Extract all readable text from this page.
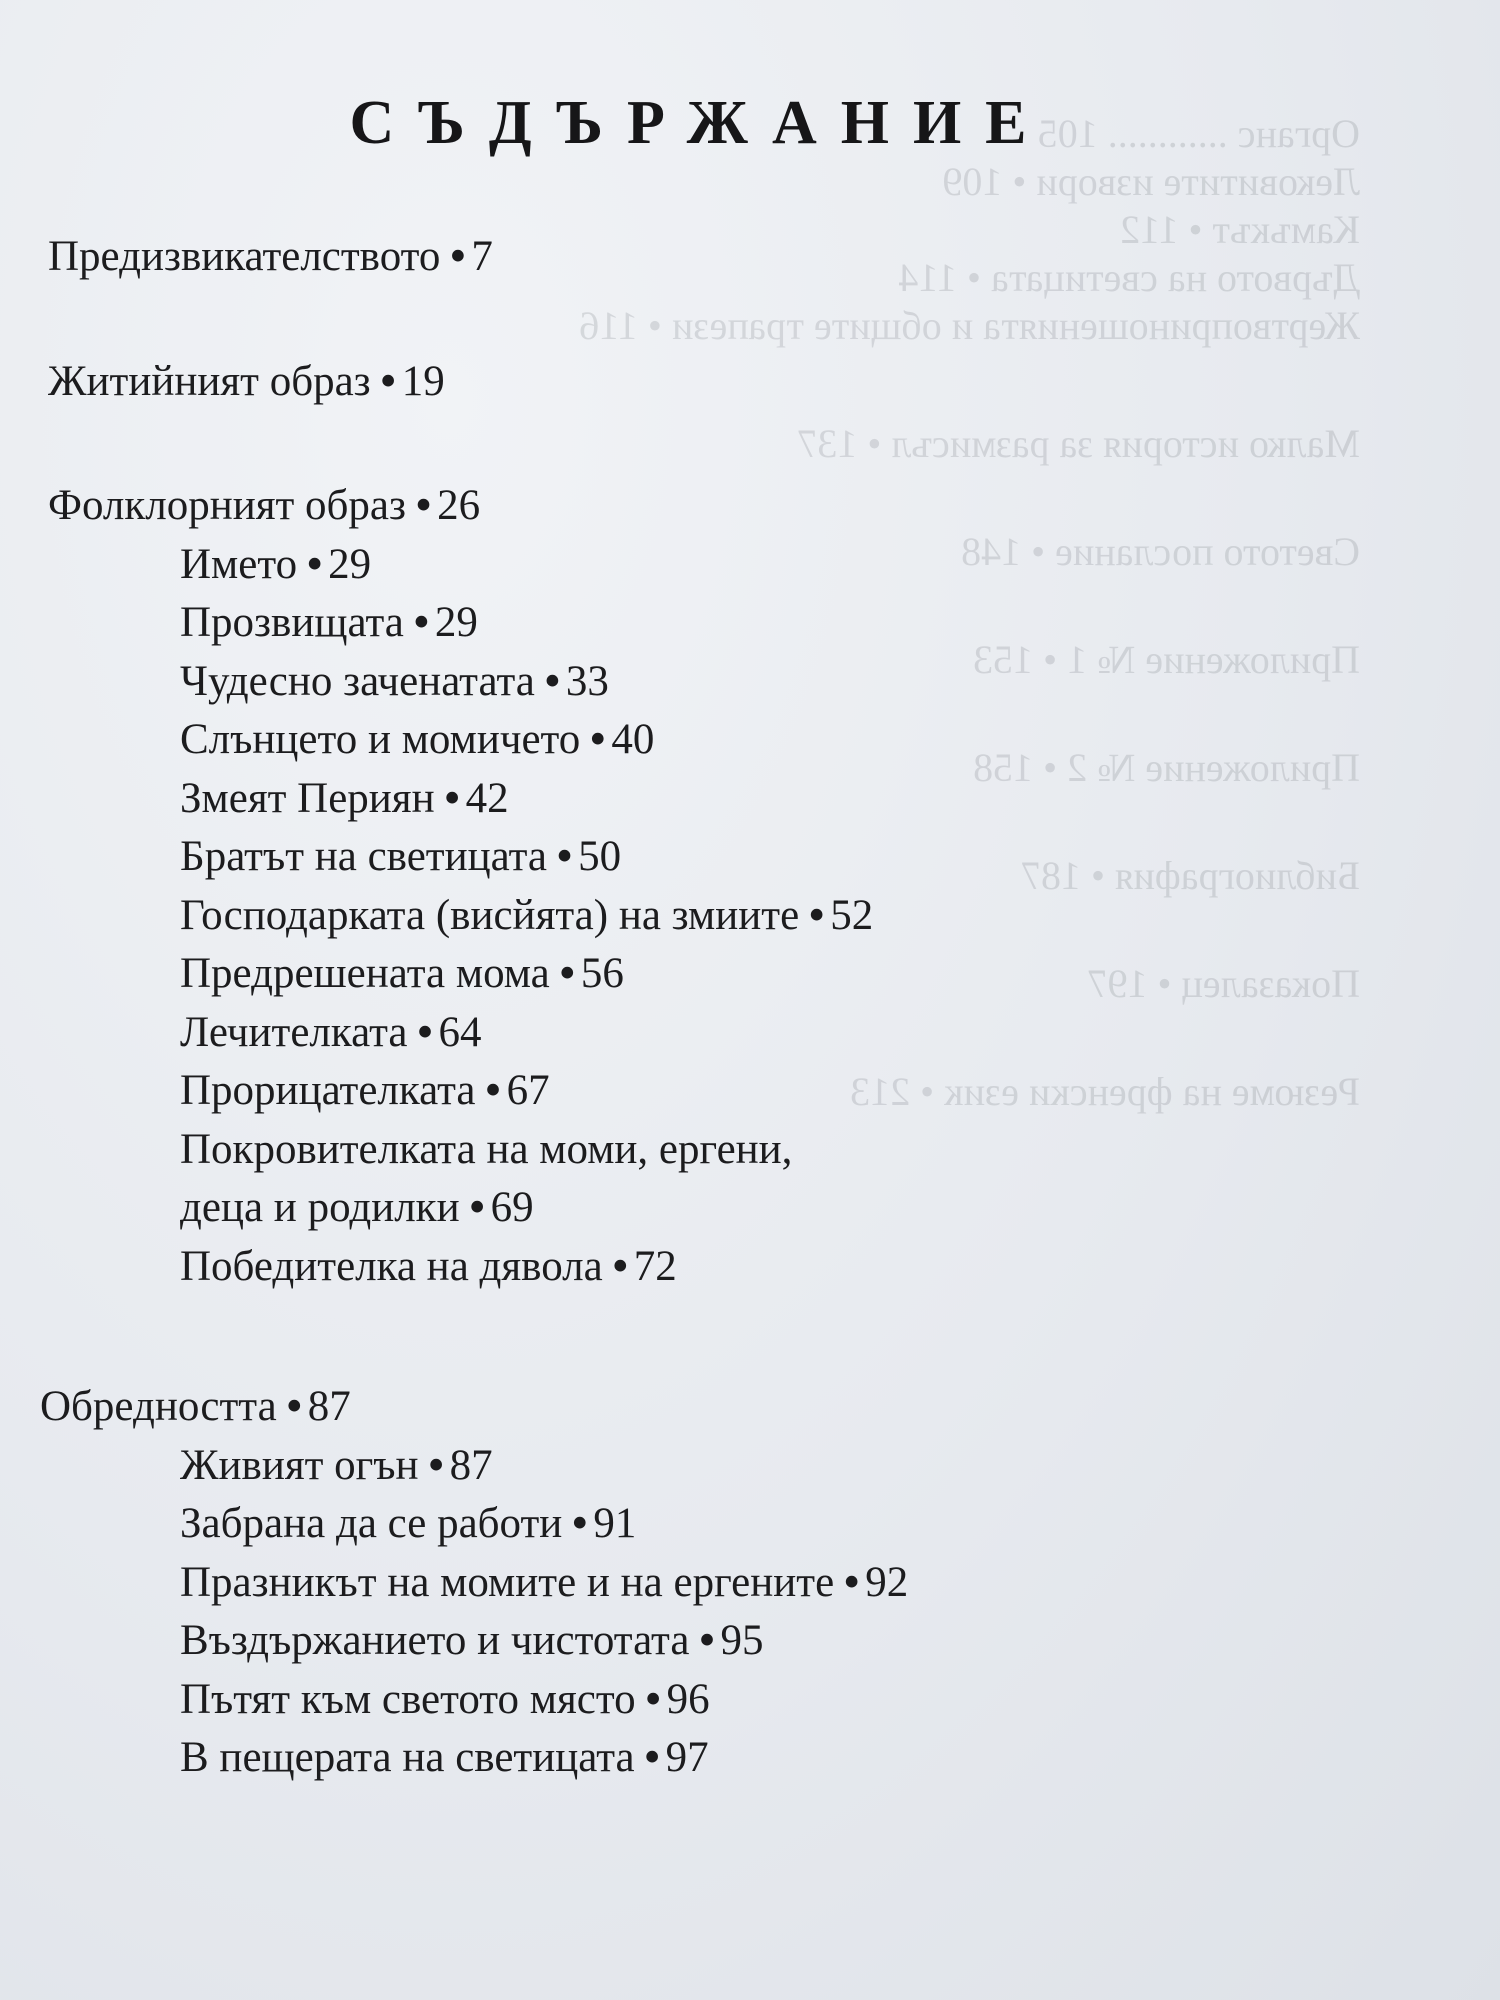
Органс ............ 105
Лековитите извори • 109
Камъкът • 112
Дървото на светицата • 114
Жертвоприношенията и общите трапези • 116
Малко история за размисъл • 137
Светото послание • 148
Приложение № 1 • 153
Приложение № 2 • 158
Библиография • 187
Показалец • 197
Резюме на френски език • 213
СЪДЪРЖАНИЕ
Предизвикателството • 7
Житийният образ • 19
Фолклорният образ • 26
Името • 29
Прозвищата • 29
Чудесно заченатата • 33
Слънцето и момичето • 40
Змеят Периян • 42
Братът на светицата • 50
Господарката (висйята) на змиите • 52
Предрешената мома • 56
Лечителката • 64
Прорицателката • 67
Покровителката на моми, ергени,
деца и родилки • 69
Победителка на дявола • 72
Обредността • 87
Живият огън • 87
Забрана да се работи • 91
Празникът на момите и на ергените • 92
Въздържанието и чистотата • 95
Пътят към светото място • 96
В пещерата на светицата • 97
